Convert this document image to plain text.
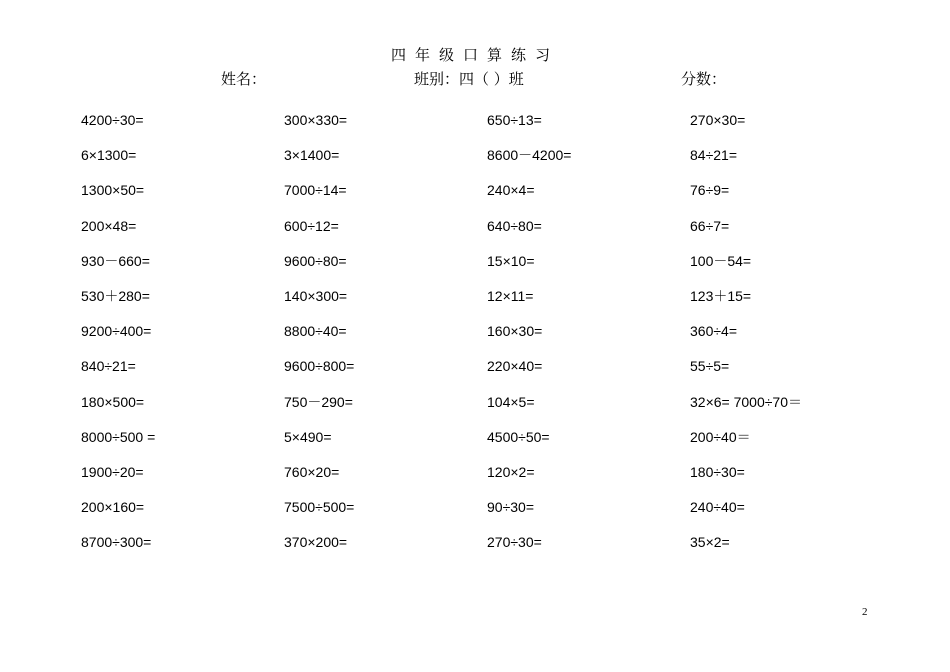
四年级口算练习
姓名：	班别：四（ ）班	分数：
4200÷30=	300×330=	650÷13=	270×30=
6×1300=	3×1400=	8600－4200=	84÷21=
1300×50=	7000÷14=	240×4=	76÷9=
200×48=	600÷12=	640÷80=	66÷7=
930－660=	9600÷80=	15×10=	100－54=
530＋280=	140×300=	12×11=	123＋15=
9200÷400=	8800÷40=	160×30=	360÷4=
840÷21=	9600÷800=	220×40=	55÷5=
180×500=	750－290=	104×5=	32×6= 7000÷70＝
8000÷500 =	5×490=	4500÷50=	200÷40＝
1900÷20=	760×20=	120×2=	180÷30=
200×160=	7500÷500=	90÷30=	240÷40=
8700÷300=	370×200=	270÷30=	35×2=
2
